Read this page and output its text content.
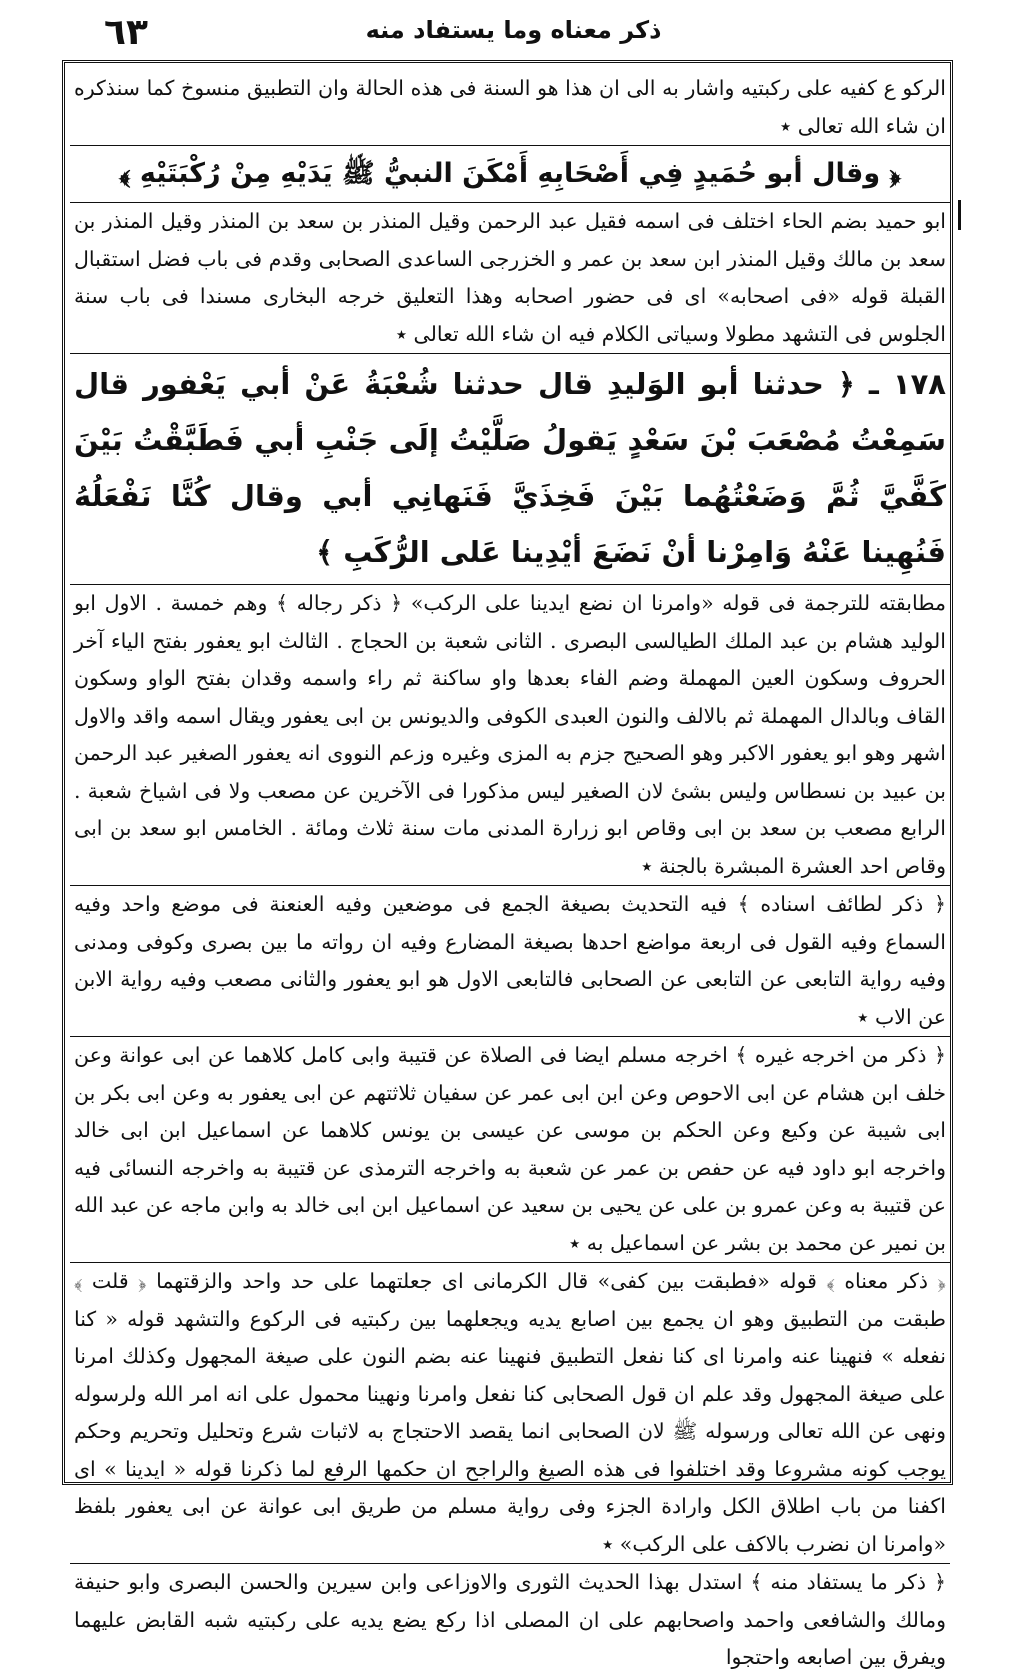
٦٣	ذكر معناه وما يستفاد منه

الركو ع كفيه على ركبتيه واشار به الى ان هذا هو السنة فى هذه الحالة وان التطبيق منسوخ كما سنذكره ان شاء الله تعالى ٭

﴿ وقال أبو حُمَيدٍ فِي أَصْحَابِهِ أَمْكَنَ النبيُّ ﷺ يَدَيْهِ مِنْ رُكْبَتَيْهِ ﴾

ابو حميد بضم الحاء اختلف فى اسمه فقيل عبد الرحمن وقيل المنذر بن سعد بن المنذر وقيل المنذر بن سعد بن مالك وقيل المنذر ابن سعد بن عمر و الخزرجى الساعدى الصحابى وقدم فى باب فضل استقبال القبلة قوله «فى اصحابه» اى فى حضور اصحابه وهذا التعليق خرجه البخارى مسندا فى باب سنة الجلوس فى التشهد مطولا وسياتى الكلام فيه ان شاء الله تعالى ٭

١٧٨ ـ ﴿ حدثنا أبو الوَليدِ قال حدثنا شُعْبَةُ عَنْ أبي يَعْفور قال سَمِعْتُ مُصْعَبَ بْنَ سَعْدٍ يَقولُ صَلَّيْتُ إلَى جَنْبِ أبي فَطَبَّقْتُ بَيْنَ كَفَّيَّ ثُمَّ وَضَعْتُهُما بَيْنَ فَخِذَيَّ فَنَهانِي أبي وقال كُنَّا نَفْعَلُهُ فَنُهِينا عَنْهُ وَامِرْنا أنْ نَضَعَ أيْدِينا عَلى الرُّكَبِ ﴾

مطابقته للترجمة فى قوله «وامرنا ان نضع ايدينا على الركب» ﴿ ذكر رجاله ﴾ وهم خمسة . الاول ابو الوليد هشام بن عبد الملك الطيالسى البصرى . الثانى شعبة بن الحجاج . الثالث ابو يعفور بفتح الياء آخر الحروف وسكون العين المهملة وضم الفاء بعدها واو ساكنة ثم راء واسمه وقدان بفتح الواو وسكون القاف وبالدال المهملة ثم بالالف والنون العبدى الكوفى والديونس بن ابى يعفور ويقال اسمه واقد والاول اشهر وهو ابو يعفور الاكبر وهو الصحيح جزم به المزى وغيره وزعم النووى انه يعفور الصغير عبد الرحمن بن عبيد بن نسطاس وليس بشئ لان الصغير ليس مذكورا فى الآخرين عن مصعب ولا فى اشياخ شعبة . الرابع مصعب بن سعد بن ابى وقاص ابو زرارة المدنى مات سنة ثلاث ومائة . الخامس ابو سعد بن ابى وقاص احد العشرة المبشرة بالجنة ٭

﴿ ذكر لطائف اسناده ﴾ فيه التحديث بصيغة الجمع فى موضعين وفيه العنعنة فى موضع واحد وفيه السماع وفيه القول فى اربعة مواضع احدها بصيغة المضارع وفيه ان رواته ما بين بصرى وكوفى ومدنى وفيه رواية التابعى عن التابعى عن الصحابى فالتابعى الاول هو ابو يعفور والثانى مصعب وفيه رواية الابن عن الاب ٭

﴿ ذكر من اخرجه غيره ﴾ اخرجه مسلم ايضا فى الصلاة عن قتيبة وابى كامل كلاهما عن ابى عوانة وعن خلف ابن هشام عن ابى الاحوص وعن ابن ابى عمر عن سفيان ثلاثتهم عن ابى يعفور به وعن ابى بكر بن ابى شيبة عن وكيع وعن الحكم بن موسى عن عيسى بن يونس كلاهما عن اسماعيل ابن ابى خالد واخرجه ابو داود فيه عن حفص بن عمر عن شعبة به واخرجه الترمذى عن قتيبة به واخرجه النسائى فيه عن قتيبة به وعن عمرو بن على عن يحيى بن سعيد عن اسماعيل ابن ابى خالد به وابن ماجه عن عبد الله بن نمير عن محمد بن بشر عن اسماعيل به ٭

﴿ ذكر معناه ﴾ قوله «فطبقت بين كفى» قال الكرمانى اى جعلتهما على حد واحد والزقتهما ﴿ قلت ﴾ طبقت من التطبيق وهو ان يجمع بين اصابع يديه ويجعلهما بين ركبتيه فى الركوع والتشهد قوله « كنا نفعله » فنهينا عنه وامرنا اى كنا نفعل التطبيق فنهينا عنه بضم النون على صيغة المجهول وكذلك امرنا على صيغة المجهول وقد علم ان قول الصحابى كنا نفعل وامرنا ونهينا محمول على انه امر الله ولرسوله ونهى عن الله تعالى ورسوله ﷺ لان الصحابى انما يقصد الاحتجاج به لاثبات شرع وتحليل وتحريم وحكم يوجب كونه مشروعا وقد اختلفوا فى هذه الصيغ والراجح ان حكمها الرفع لما ذكرنا قوله « ايدينا » اى اكفنا من باب اطلاق الكل وارادة الجزء وفى رواية مسلم من طريق ابى عوانة عن ابى يعفور بلفظ «وامرنا ان نضرب بالاكف على الركب» ٭

﴿ ذكر ما يستفاد منه ﴾ استدل بهذا الحديث الثورى والاوزاعى وابن سيرين والحسن البصرى وابو حنيفة ومالك والشافعى واحمد واصحابهم على ان المصلى اذا ركع يضع يديه على ركبتيه شبه القابض عليهما ويفرق بين اصابعه واحتجوا
